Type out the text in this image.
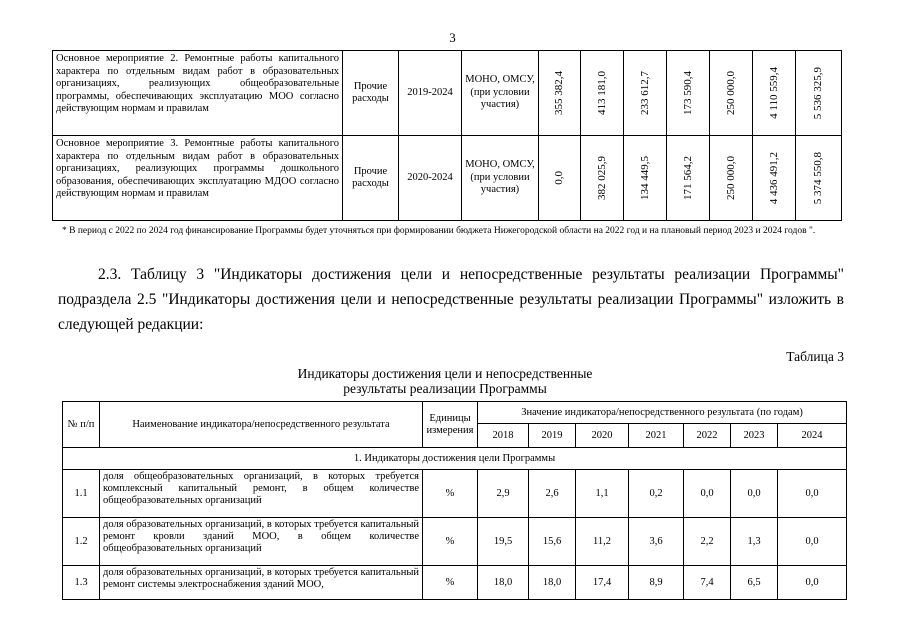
3
Основное мероприятие 2. Ремонтные работы капитального характера по отдельным видам работ в образовательных организациях, реализующих общеобразовательные программы, обеспечивающих эксплуатацию МОО согласно действующим нормам и правилам	Прочие расходы	2019-2024	МОНО, ОМСУ, (при условии участия)	355 382,4	413 181,0	233 612,7	173 590,4	250 000,0	4 110 559,4	5 536 325,9

Основное мероприятие 3. Ремонтные работы капитального характера по отдельным видам работ в образовательных организациях, реализующих программы дошкольного образования, обеспечивающих эксплуатацию МДОО согласно действующим нормам и правилам	Прочие расходы	2020-2024	МОНО, ОМСУ, (при условии участия)	0,0	382 025,9	134 449,5	171 564,2	250 000,0	4 436 491,2	5 374 550,8
* В период с 2022 по 2024 год финансирование Программы будет уточняться при формировании бюджета Нижегородской области на 2022 год и на плановый период 2023 и 2024 годов ".
2.3. Таблицу 3 "Индикаторы достижения цели и непосредственные результаты реализации Программы" подраздела 2.5 "Индикаторы достижения цели и непосредственные результаты реализации Программы" изложить в следующей редакции:
Таблица 3
Индикаторы достижения цели и непосредственные
результаты реализации Программы
№ п/п	Наименование индикатора/непосредственного результата	Единицы измерения	Значение индикатора/непосредственного результата (по годам)						
			2018	2019	2020	2021	2022	2023	2024
1. Индикаторы достижения цели Программы									
1.1	доля общеобразовательных организаций, в которых требуется комплексный капитальный ремонт, в общем количестве общеобразовательных организаций	%	2,9	2,6	1,1	0,2	0,0	0,0	0,0
1.2	доля образовательных организаций, в которых требуется капитальный ремонт кровли зданий МОО, в общем количестве общеобразовательных организаций	%	19,5	15,6	11,2	3,6	2,2	1,3	0,0
1.3	доля образовательных организаций, в которых требуется капитальный ремонт системы электроснабжения зданий МОО,	%	18,0	18,0	17,4	8,9	7,4	6,5	0,0
